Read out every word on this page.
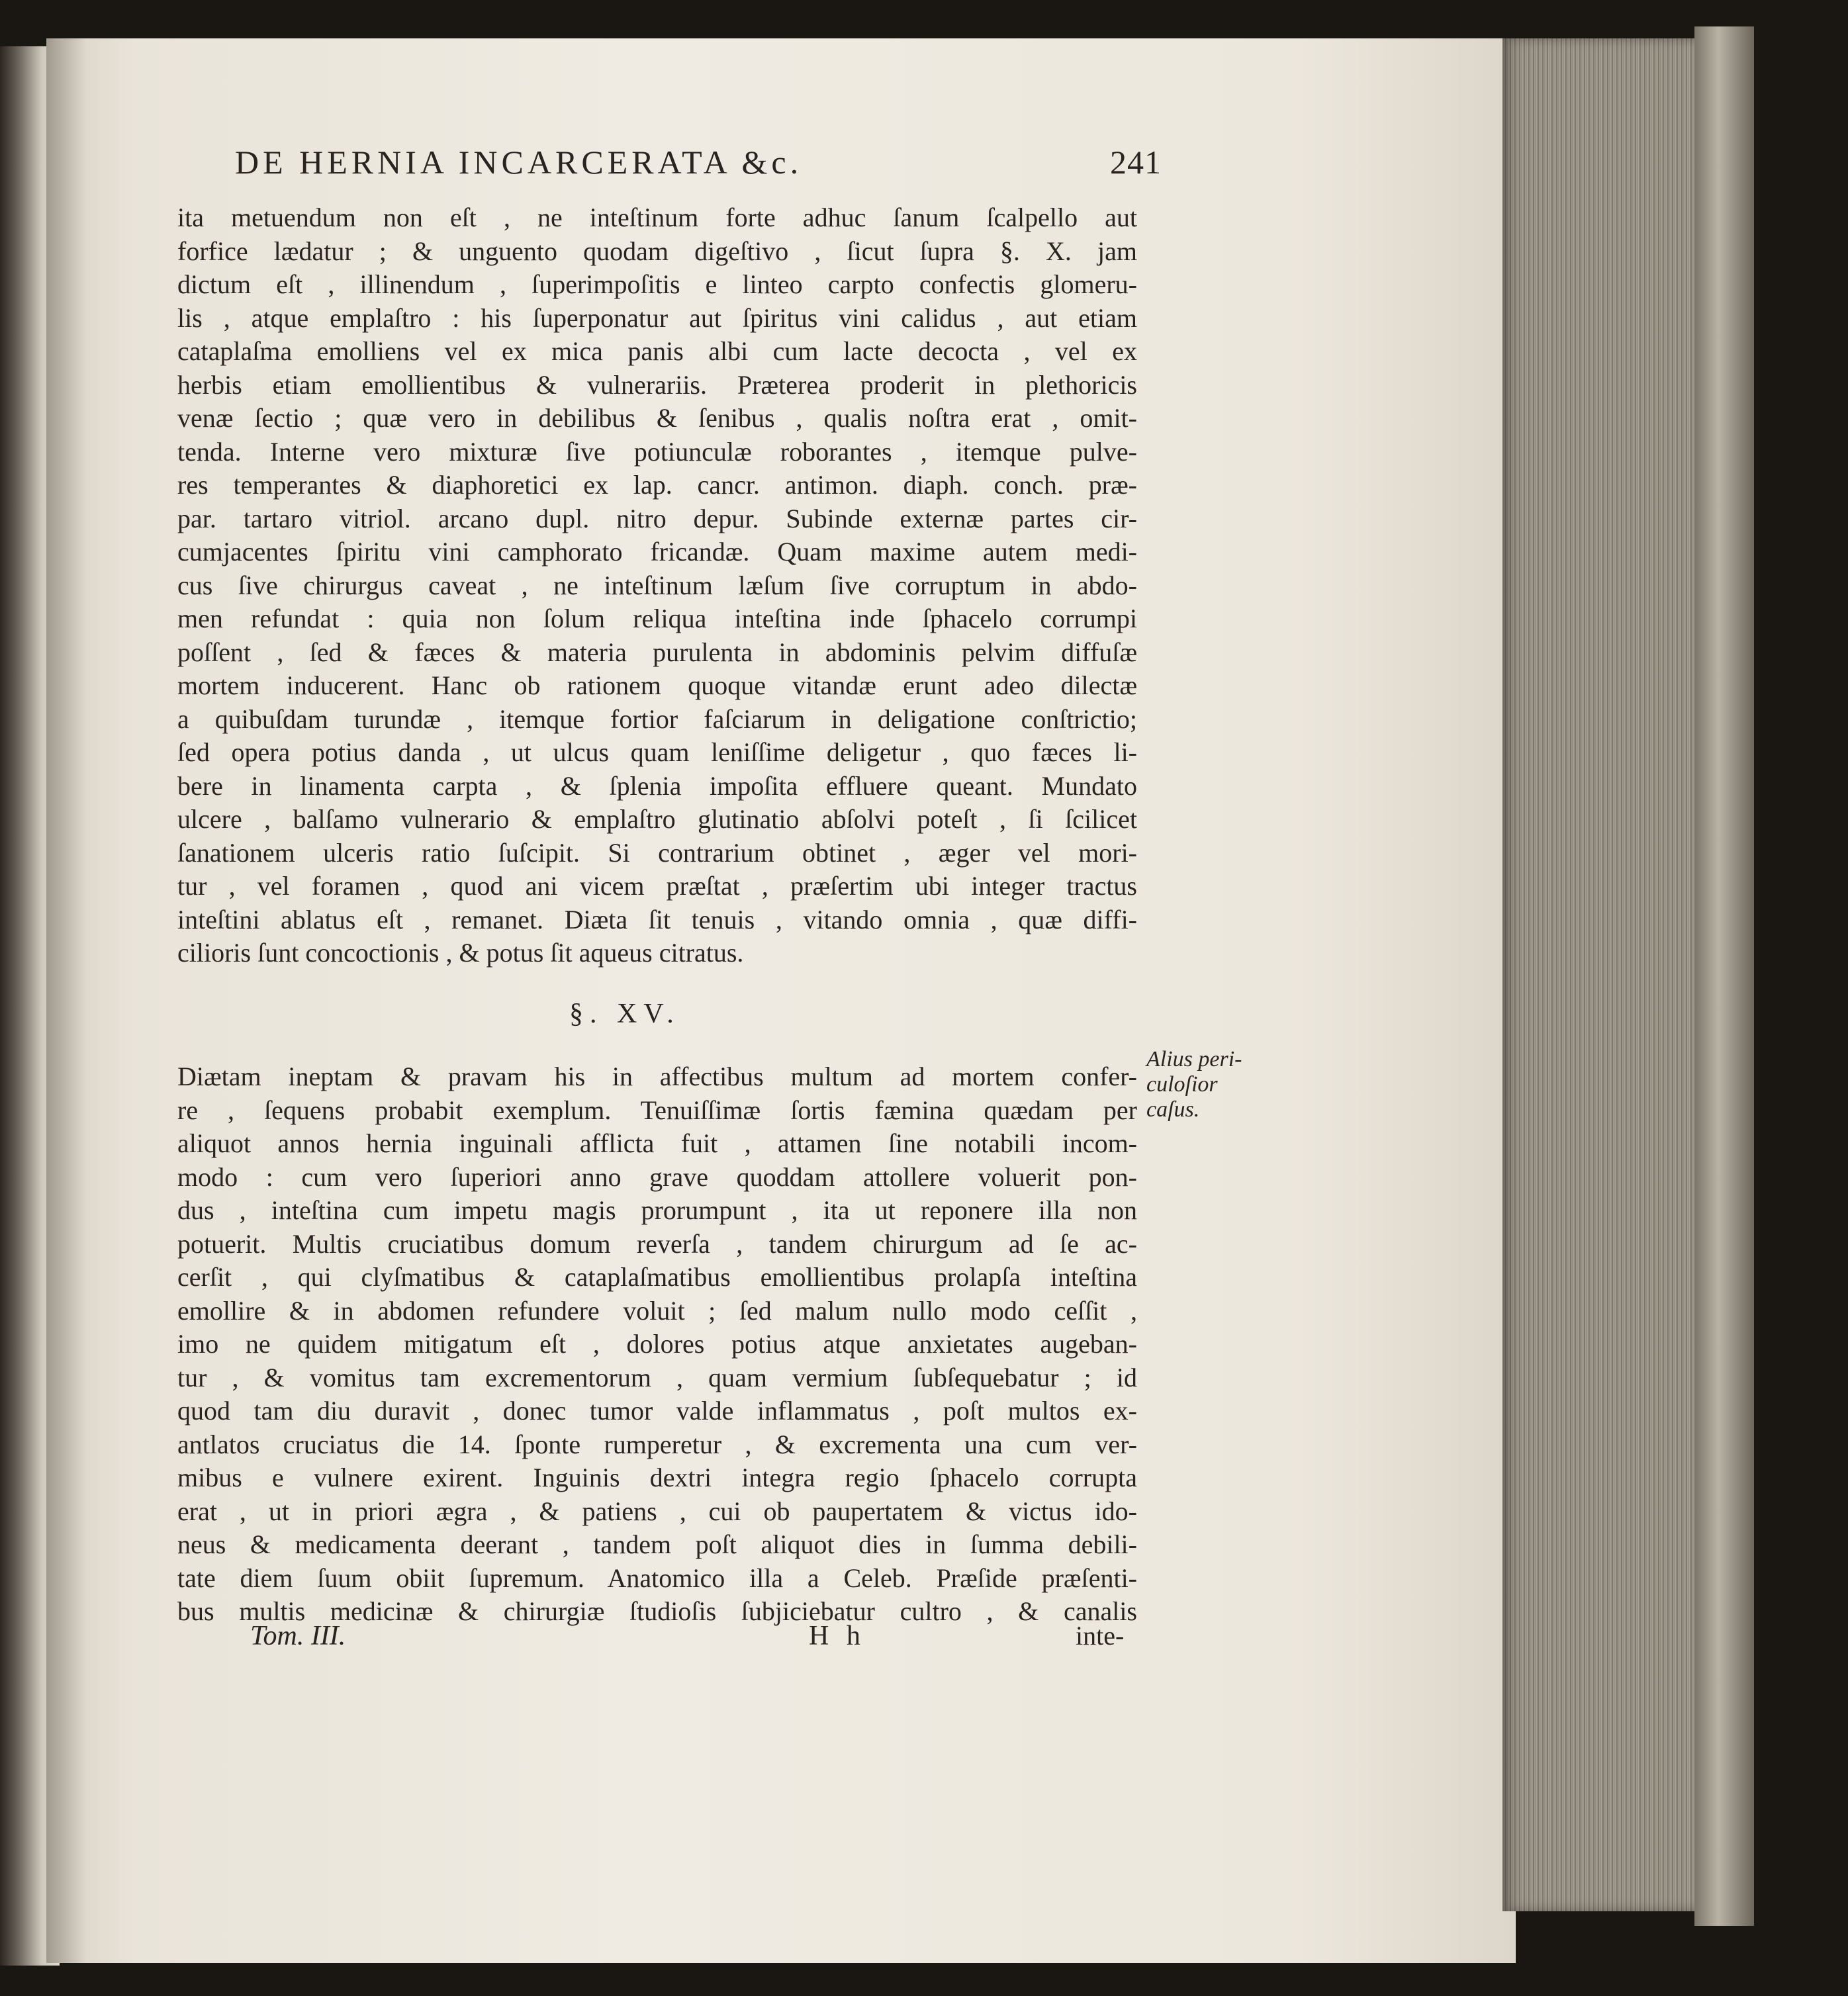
DE HERNIA INCARCERATA &c.	241
ita metuendum non eſt , ne inteſtinum forte adhuc ſanum ſcalpello aut
forfice lædatur ; & unguento quodam digeſtivo , ſicut ſupra §. X. jam
dictum eſt , illinendum , ſuperimpoſitis e linteo carpto confectis glomeru-
lis , atque emplaſtro : his ſuperponatur aut ſpiritus vini calidus , aut etiam
cataplaſma emolliens vel ex mica panis albi cum lacte decocta , vel ex
herbis etiam emollientibus & vulnerariis. Præterea proderit in plethoricis
venæ ſectio ; quæ vero in debilibus & ſenibus , qualis noſtra erat , omit-
tenda. Interne vero mixturæ ſive potiunculæ roborantes , itemque pulve-
res temperantes & diaphoretici ex lap. cancr. antimon. diaph. conch. præ-
par. tartaro vitriol. arcano dupl. nitro depur. Subinde externæ partes cir-
cumjacentes ſpiritu vini camphorato fricandæ. Quam maxime autem medi-
cus ſive chirurgus caveat , ne inteſtinum læſum ſive corruptum in abdo-
men refundat : quia non ſolum reliqua inteſtina inde ſphacelo corrumpi
poſſent , ſed & fæces & materia purulenta in abdominis pelvim diffuſæ
mortem inducerent. Hanc ob rationem quoque vitandæ erunt adeo dilectæ
a quibuſdam turundæ , itemque fortior faſciarum in deligatione conſtrictio;
ſed opera potius danda , ut ulcus quam leniſſime deligetur , quo fæces li-
bere in linamenta carpta , & ſplenia impoſita effluere queant. Mundato
ulcere , balſamo vulnerario & emplaſtro glutinatio abſolvi poteſt , ſi ſcilicet
ſanationem ulceris ratio ſuſcipit. Si contrarium obtinet , æger vel mori-
tur , vel foramen , quod ani vicem præſtat , præſertim ubi integer tractus
inteſtini ablatus eſt , remanet. Diæta ſit tenuis , vitando omnia , quæ diffi-
cilioris ſunt concoctionis , & potus ſit aqueus citratus.
§. XV.
Alius peri-
culoſior
caſus.
Diætam ineptam & pravam his in affectibus multum ad mortem confer-
re , ſequens probabit exemplum. Tenuiſſimæ ſortis fæmina quædam per
aliquot annos hernia inguinali afflicta fuit , attamen ſine notabili incom-
modo : cum vero ſuperiori anno grave quoddam attollere voluerit pon-
dus , inteſtina cum impetu magis prorumpunt , ita ut reponere illa non
potuerit. Multis cruciatibus domum reverſa , tandem chirurgum ad ſe ac-
cerſit , qui clyſmatibus & cataplaſmatibus emollientibus prolapſa inteſtina
emollire & in abdomen refundere voluit ; ſed malum nullo modo ceſſit ,
imo ne quidem mitigatum eſt , dolores potius atque anxietates augeban-
tur , & vomitus tam excrementorum , quam vermium ſubſequebatur ; id
quod tam diu duravit , donec tumor valde inflammatus , poſt multos ex-
antlatos cruciatus die 14. ſponte rumperetur , & excrementa una cum ver-
mibus e vulnere exirent. Inguinis dextri integra regio ſphacelo corrupta
erat , ut in priori ægra , & patiens , cui ob paupertatem & victus ido-
neus & medicamenta deerant , tandem poſt aliquot dies in ſumma debili-
tate diem ſuum obiit ſupremum. Anatomico illa a Celeb. Præſide præſenti-
bus multis medicinæ & chirurgiæ ſtudioſis ſubjiciebatur cultro , & canalis
Tom. III.	H h	inte-
